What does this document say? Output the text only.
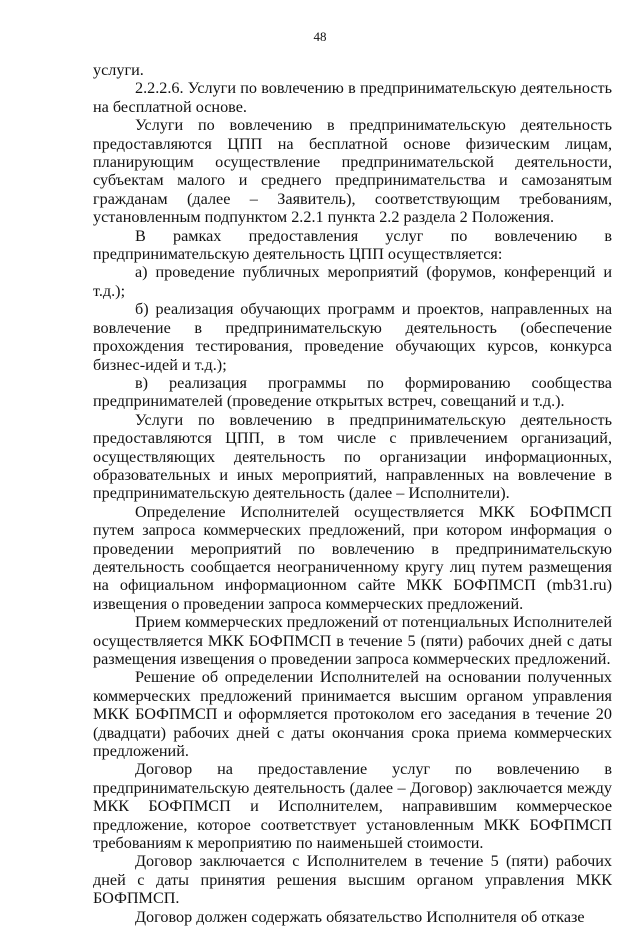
48

услуги.

2.2.2.6. Услуги по вовлечению в предпринимательскую деятельность на бесплатной основе.

Услуги по вовлечению в предпринимательскую деятельность предоставляются ЦПП на бесплатной основе физическим лицам, планирующим осуществление предпринимательской деятельности, субъектам малого и среднего предпринимательства и самозанятым гражданам (далее – Заявитель), соответствующим требованиям, установленным подпунктом 2.2.1 пункта 2.2 раздела 2 Положения.

В рамках предоставления услуг по вовлечению в предпринимательскую деятельность ЦПП осуществляется:

а) проведение публичных мероприятий (форумов, конференций и т.д.);

б) реализация обучающих программ и проектов, направленных на вовлечение в предпринимательскую деятельность (обеспечение прохождения тестирования, проведение обучающих курсов, конкурса бизнес-идей и т.д.);

в) реализация программы по формированию сообщества предпринимателей (проведение открытых встреч, совещаний и т.д.).

Услуги по вовлечению в предпринимательскую деятельность предоставляются ЦПП, в том числе с привлечением организаций, осуществляющих деятельность по организации информационных, образовательных и иных мероприятий, направленных на вовлечение в предпринимательскую деятельность (далее – Исполнители).

Определение Исполнителей осуществляется МКК БОФПМСП путем запроса коммерческих предложений, при котором информация о проведении мероприятий по вовлечению в предпринимательскую деятельность сообщается неограниченному кругу лиц путем размещения на официальном информационном сайте МКК БОФПМСП (mb31.ru) извещения о проведении запроса коммерческих предложений.

Прием коммерческих предложений от потенциальных Исполнителей осуществляется МКК БОФПМСП в течение 5 (пяти) рабочих дней с даты размещения извещения о проведении запроса коммерческих предложений.

Решение об определении Исполнителей на основании полученных коммерческих предложений принимается высшим органом управления МКК БОФПМСП и оформляется протоколом его заседания в течение 20 (двадцати) рабочих дней с даты окончания срока приема коммерческих предложений.

Договор на предоставление услуг по вовлечению в предпринимательскую деятельность (далее – Договор) заключается между МКК БОФПМСП и Исполнителем, направившим коммерческое предложение, которое соответствует установленным МКК БОФПМСП требованиям к мероприятию по наименьшей стоимости.

Договор заключается с Исполнителем в течение 5 (пяти) рабочих дней с даты принятия решения высшим органом управления МКК БОФПМСП.

Договор должен содержать обязательство Исполнителя об отказе
